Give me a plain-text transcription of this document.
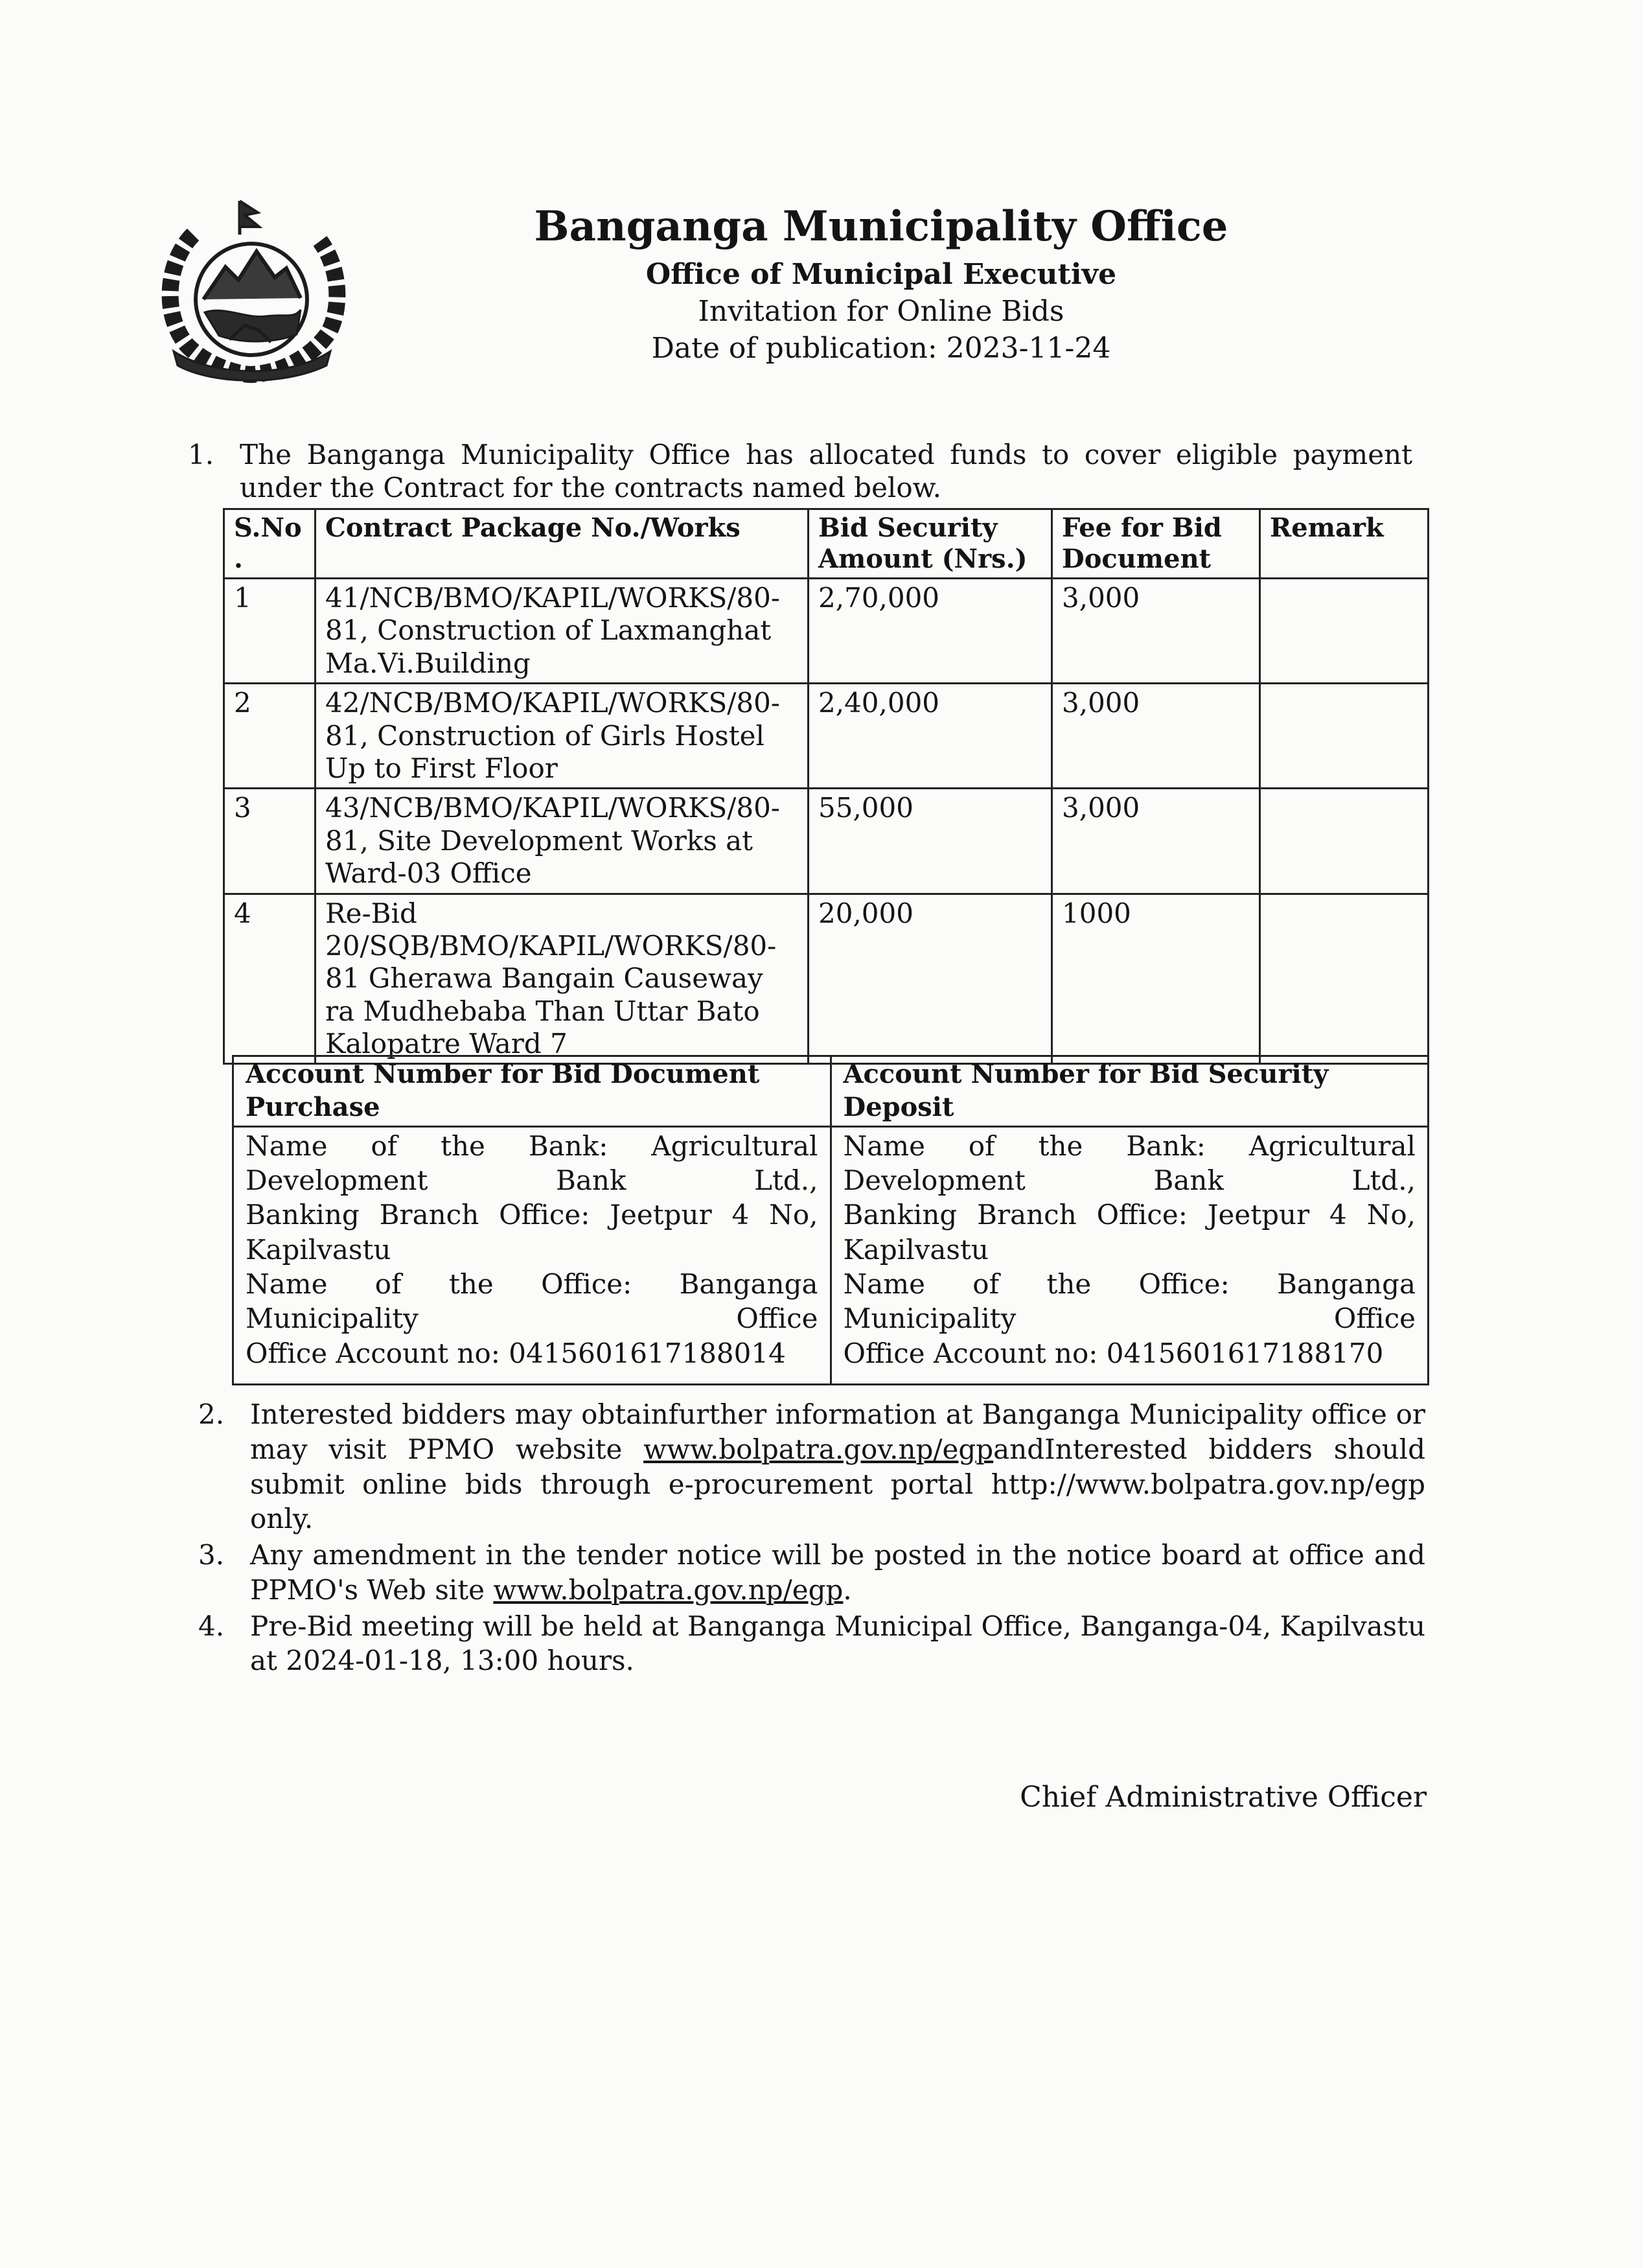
Banganga Municipality Office
Office of Municipal Executive
Invitation for Online Bids
Date of publication: 2023-11-24
1. The Banganga Municipality Office has allocated funds to cover eligible payment under the Contract for the contracts named below.
S.No .	Contract Package No./Works	Bid Security Amount (Nrs.)	Fee for Bid Document	Remark
1	41/NCB/BMO/KAPIL/WORKS/80-81, Construction of Laxmanghat Ma.Vi.Building	2,70,000	3,000	
2	42/NCB/BMO/KAPIL/WORKS/80-81, Construction of Girls Hostel Up to First Floor	2,40,000	3,000	
3	43/NCB/BMO/KAPIL/WORKS/80-81, Site Development Works at Ward-03 Office	55,000	3,000	
4	Re-Bid 20/SQB/BMO/KAPIL/WORKS/80-81 Gherawa Bangain Causeway ra Mudhebaba Than Uttar Bato Kalopatre Ward 7	20,000	1000	
Account Number for Bid Document Purchase	Account Number for Bid Security Deposit

Name of the Bank: Agricultural Development Bank Ltd.,
Banking Branch Office: Jeetpur 4 No, Kapilvastu
Name of the Office: Banganga Municipality Office
Office Account no: 0415601617188014	Name of the Bank: Agricultural Development Bank Ltd.,
Banking Branch Office: Jeetpur 4 No, Kapilvastu
Name of the Office: Banganga Municipality Office
Office Account no: 0415601617188170
2. Interested bidders may obtainfurther information at Banganga Municipality office or may visit PPMO website www.bolpatra.gov.np/egpandInterested bidders should submit online bids through e-procurement portal http://www.bolpatra.gov.np/egp only.
3. Any amendment in the tender notice will be posted in the notice board at office and PPMO's Web site www.bolpatra.gov.np/egp.
4. Pre-Bid meeting will be held at Banganga Municipal Office, Banganga-04, Kapilvastu at 2024-01-18, 13:00 hours.
Chief Administrative Officer
